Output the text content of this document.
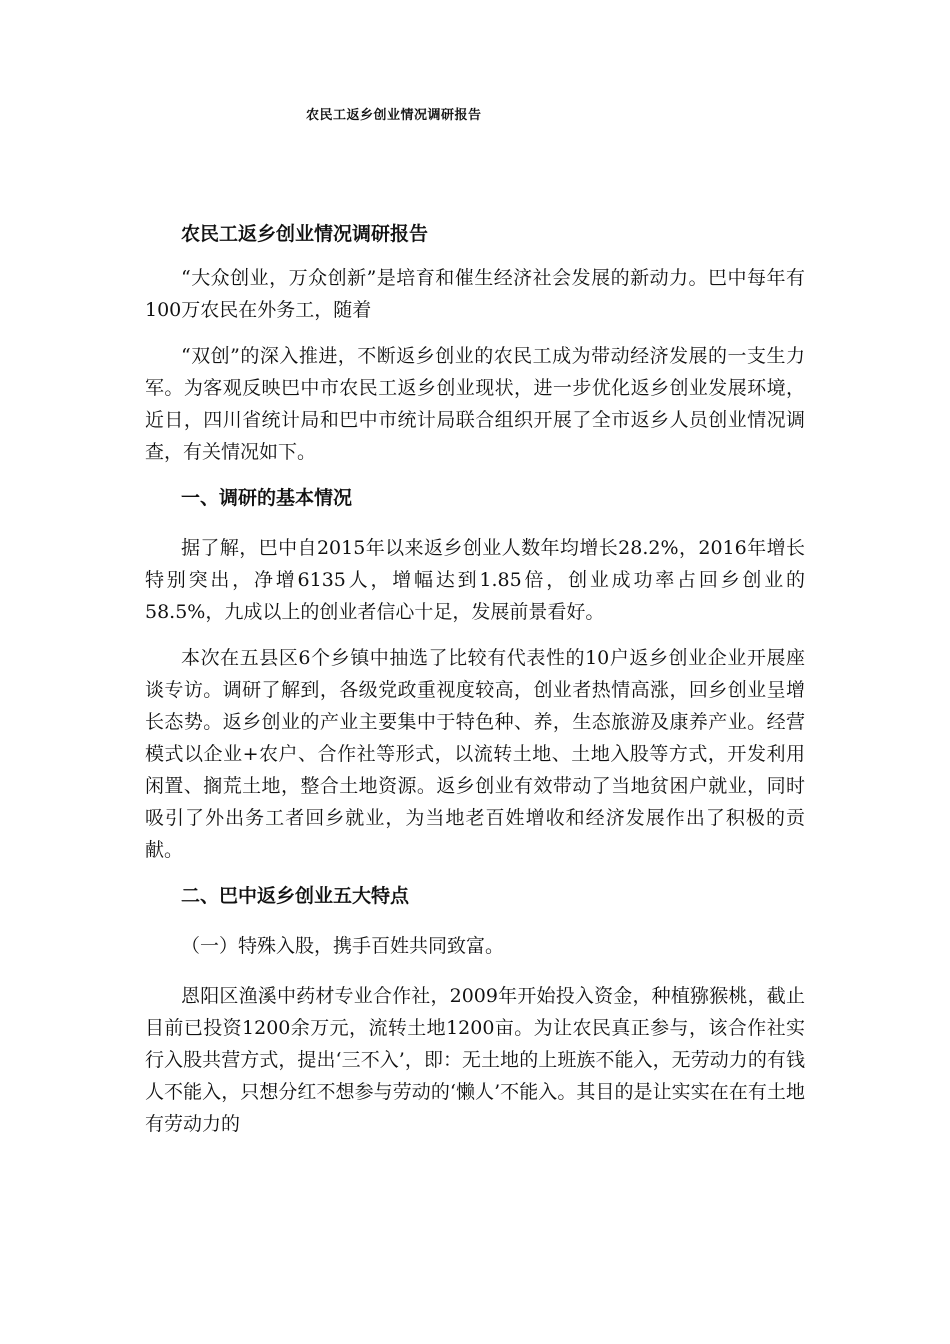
农民工返乡创业情况调研报告
农民工返乡创业情况调研报告

“大众创业，万众创新”是培育和催生经济社会发展的新动力。巴中每年有100万农民在外务工，随着

“双创”的深入推进，不断返乡创业的农民工成为带动经济发展的一支生力军。为客观反映巴中市农民工返乡创业现状，进一步优化返乡创业发展环境，近日，四川省统计局和巴中市统计局联合组织开展了全市返乡人员创业情况调查，有关情况如下。

一、调研的基本情况

据了解，巴中自2015年以来返乡创业人数年均增长28.2%，2016年增长特别突出，净增6135人，增幅达到1.85倍，创业成功率占回乡创业的58.5%，九成以上的创业者信心十足，发展前景看好。

本次在五县区6个乡镇中抽选了比较有代表性的10户返乡创业企业开展座谈专访。调研了解到，各级党政重视度较高，创业者热情高涨，回乡创业呈增长态势。返乡创业的产业主要集中于特色种、养，生态旅游及康养产业。经营模式以企业+农户、合作社等形式，以流转土地、土地入股等方式，开发利用闲置、搁荒土地，整合土地资源。返乡创业有效带动了当地贫困户就业，同时吸引了外出务工者回乡就业，为当地老百姓增收和经济发展作出了积极的贡献。

二、巴中返乡创业五大特点
（一）特殊入股，携手百姓共同致富。

恩阳区渔溪中药材专业合作社，2009年开始投入资金，种植猕猴桃，截止目前已投资1200余万元，流转土地1200亩。为让农民真正参与，该合作社实行入股共营方式，提出‘三不入’，即：无土地的上班族不能入，无劳动力的有钱人不能入，只想分红不想参与劳动的‘懒人’不能入。其目的是让实实在在有土地有劳动力的
